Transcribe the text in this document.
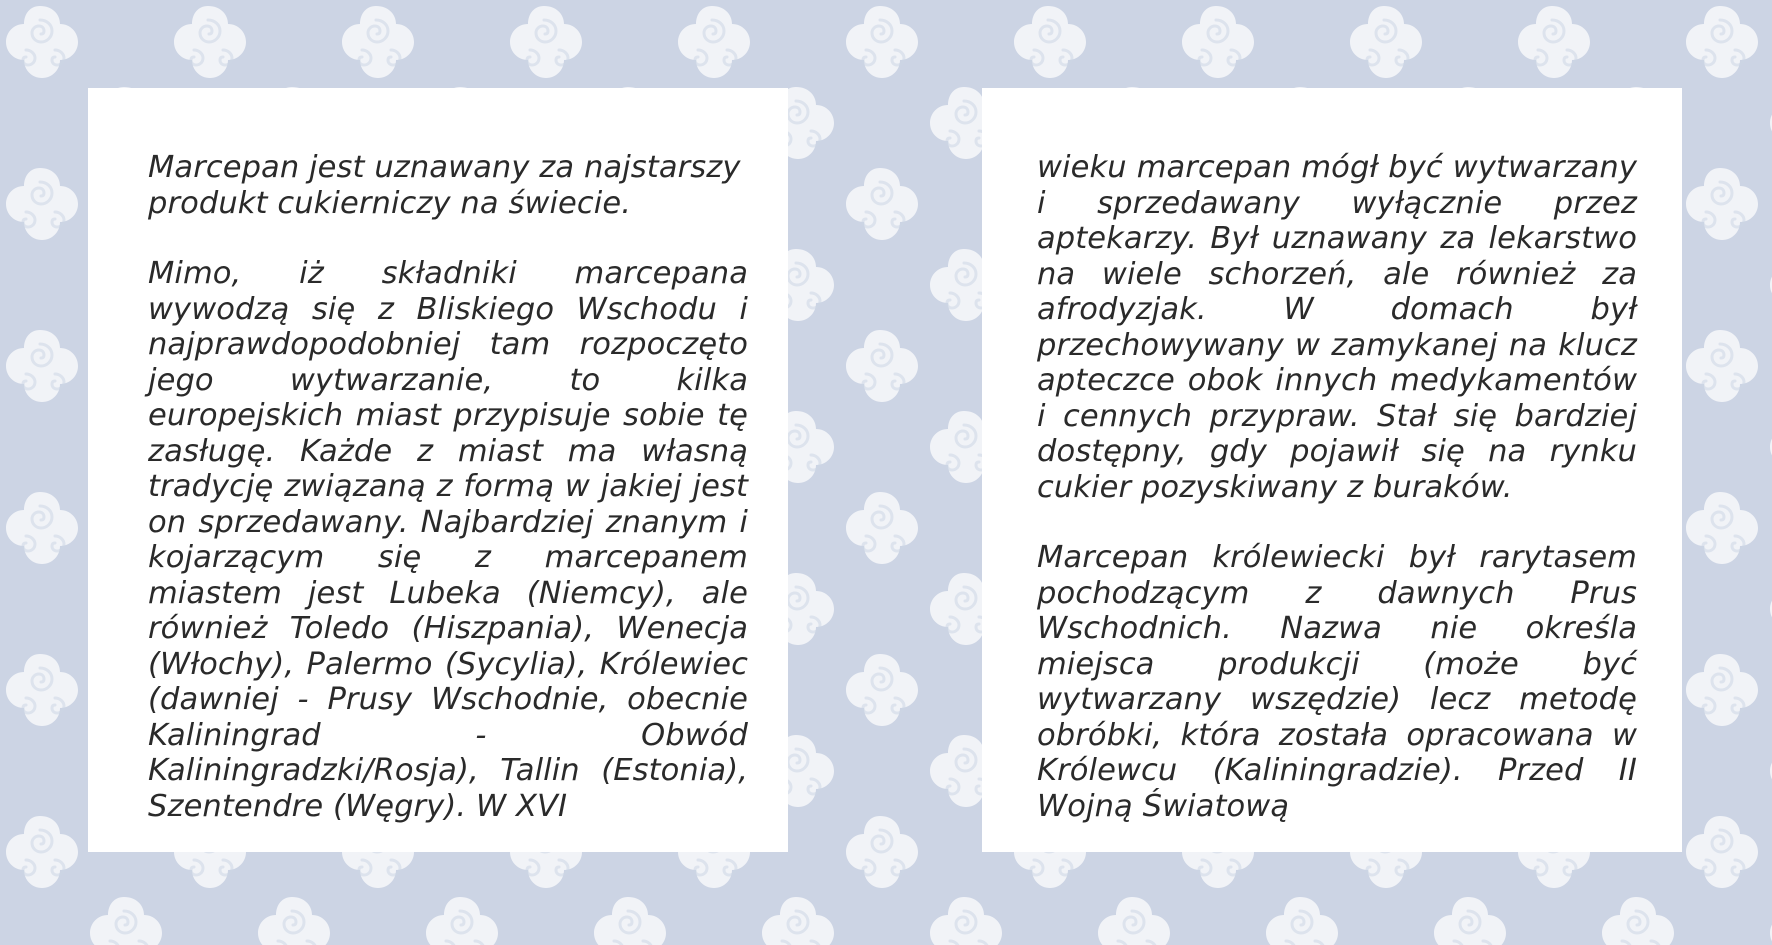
Marcepan jest uznawany za najstarszy produkt cukierniczy na świecie.

Mimo, iż składniki marcepana wywodzą się z Bliskiego Wschodu i najprawdopodobniej tam rozpoczęto jego wytwarzanie, to kilka europejskich miast przypisuje sobie tę zasługę. Każde z miast ma własną tradycję związaną z formą w jakiej jest on sprzedawany. Najbardziej znanym i kojarzącym się z marcepanem miastem jest Lubeka (Niemcy), ale również Toledo (Hiszpania), Wenecja (Włochy), Palermo (Sycylia), Królewiec (dawniej - Prusy Wschodnie, obecnie Kaliningrad - Obwód Kaliningradzki/Rosja), Tallin (Estonia), Szentendre (Węgry). W XVI

wieku marcepan mógł być wytwarzany i sprzedawany wyłącznie przez aptekarzy. Był uznawany za lekarstwo na wiele schorzeń, ale również za afrodyzjak. W domach był przechowywany w zamykanej na klucz apteczce obok innych medykamentów i cennych przypraw. Stał się bardziej dostępny, gdy pojawił się na rynku cukier pozyskiwany z buraków.

Marcepan królewiecki był rarytasem pochodzącym z dawnych Prus Wschodnich. Nazwa nie określa miejsca produkcji (może być wytwarzany wszędzie) lecz metodę obróbki, która została opracowana w Królewcu (Kaliningradzie). Przed II Wojną Światową
